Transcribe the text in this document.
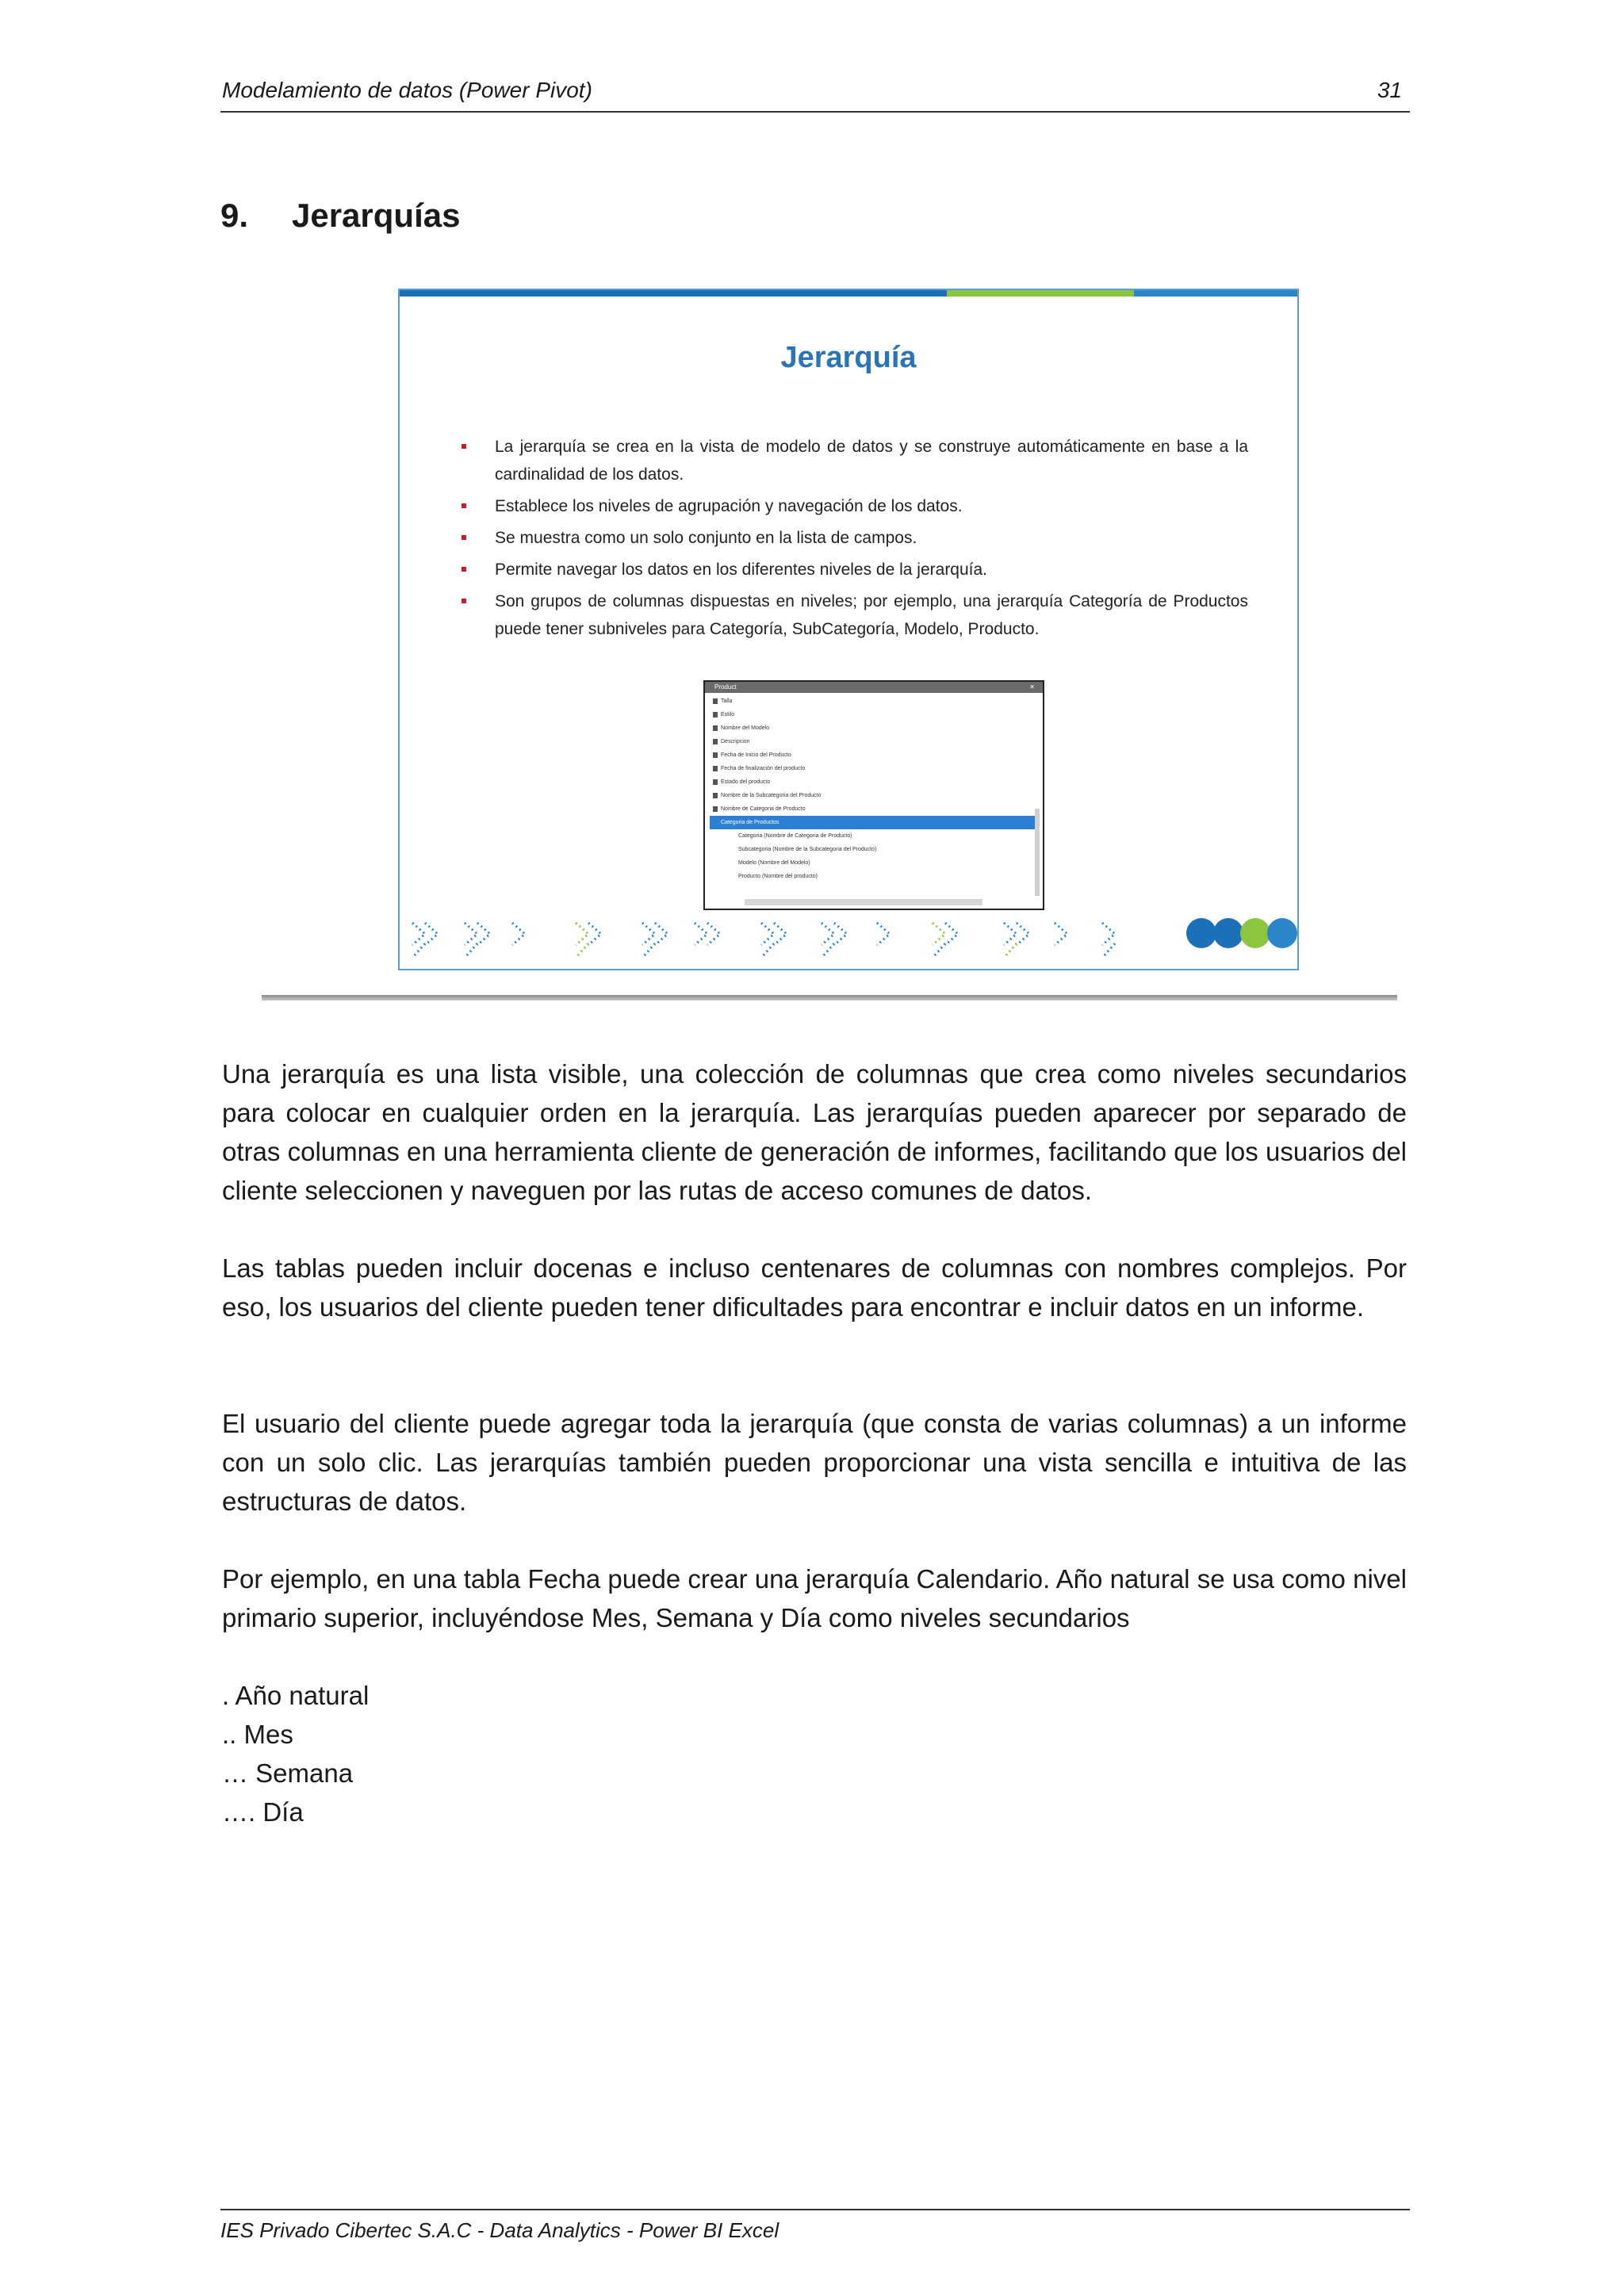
Modelamiento de datos (Power Pivot)	31
9. Jerarquías
Jerarquía
La jerarquía se crea en la vista de modelo de datos y se construye automáticamente en base a la cardinalidad de los datos.
Establece los niveles de agrupación y navegación de los datos.
Se muestra como un solo conjunto en la lista de campos.
Permite navegar los datos en los diferentes niveles de la jerarquía.
Son grupos de columnas dispuestas en niveles; por ejemplo, una jerarquía Categoría de Productos puede tener subniveles para Categoría, SubCategoría, Modelo, Producto.
Product	✕
Talla
Estilo
Nombre del Modelo
Descripcion
Fecha de Inicio del Producto
Fecha de finalización del producto
Estado del producto
Nombre de la Subcategoria del Producto
Nombre de Categoria de Producto
Categoria de Productos
Categoria (Nombre de Categoria de Producto)
Subcategoria (Nombre de la Subcategoria del Producto)
Modelo (Nombre del Modelo)
Producto (Nombre del producto)

Una jerarquía es una lista visible, una colección de columnas que crea como niveles secundarios para colocar en cualquier orden en la jerarquía. Las jerarquías pueden aparecer por separado de otras columnas en una herramienta cliente de generación de informes, facilitando que los usuarios del cliente seleccionen y naveguen por las rutas de acceso comunes de datos.

Las tablas pueden incluir docenas e incluso centenares de columnas con nombres complejos. Por eso, los usuarios del cliente pueden tener dificultades para encontrar e incluir datos en un informe.

El usuario del cliente puede agregar toda la jerarquía (que consta de varias columnas) a un informe con un solo clic. Las jerarquías también pueden proporcionar una vista sencilla e intuitiva de las estructuras de datos.

Por ejemplo, en una tabla Fecha puede crear una jerarquía Calendario. Año natural se usa como nivel primario superior, incluyéndose Mes, Semana y Día como niveles secundarios

. Año natural
.. Mes
… Semana
…. Día
IES Privado Cibertec S.A.C - Data Analytics - Power BI Excel
